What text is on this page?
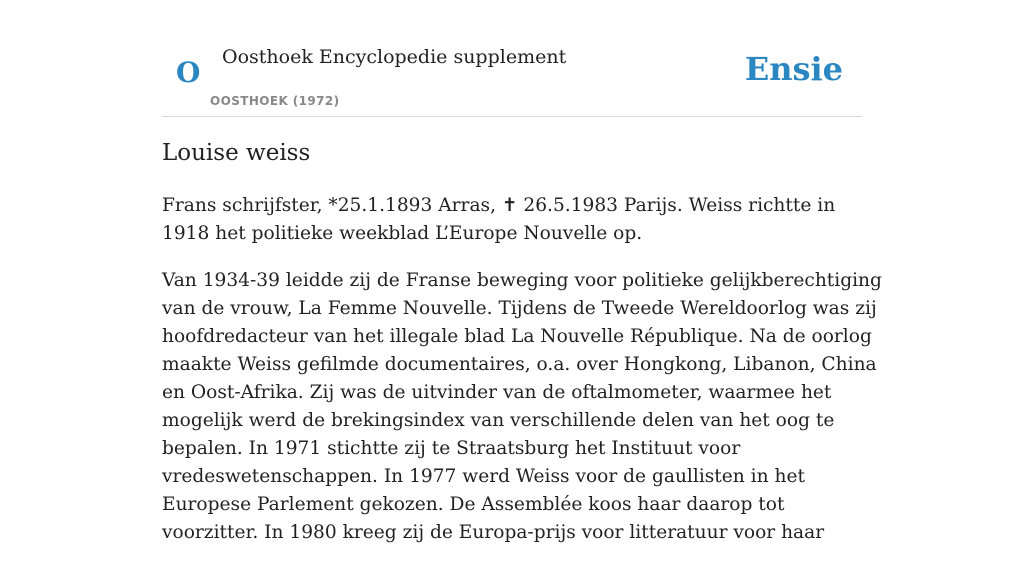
O Oosthoek Encyclopedie supplement
OOSTHOEK (1972)
Ensie
Louise weiss

Frans schrijfster, *25.1.1893 Arras, ✝ 26.5.1983 Parijs. Weiss richtte in 1918 het politieke weekblad L’Europe Nouvelle op.

Van 1934-39 leidde zij de Franse beweging voor politieke gelijkberechtiging van de vrouw, La Femme Nouvelle. Tijdens de Tweede Wereldoorlog was zij hoofdredacteur van het illegale blad La Nouvelle République. Na de oorlog maakte Weiss gefilmde documentaires, o.a. over Hongkong, Libanon, China en Oost-Afrika. Zij was de uitvinder van de oftalmometer, waarmee het mogelijk werd de brekingsindex van verschillende delen van het oog te bepalen. In 1971 stichtte zij te Straatsburg het Instituut voor vredeswetenschappen. In 1977 werd Weiss voor de gaullisten in het Europese Parlement gekozen. De Assemblée koos haar daarop tot voorzitter. In 1980 kreeg zij de Europa-prijs voor litteratuur voor haar
